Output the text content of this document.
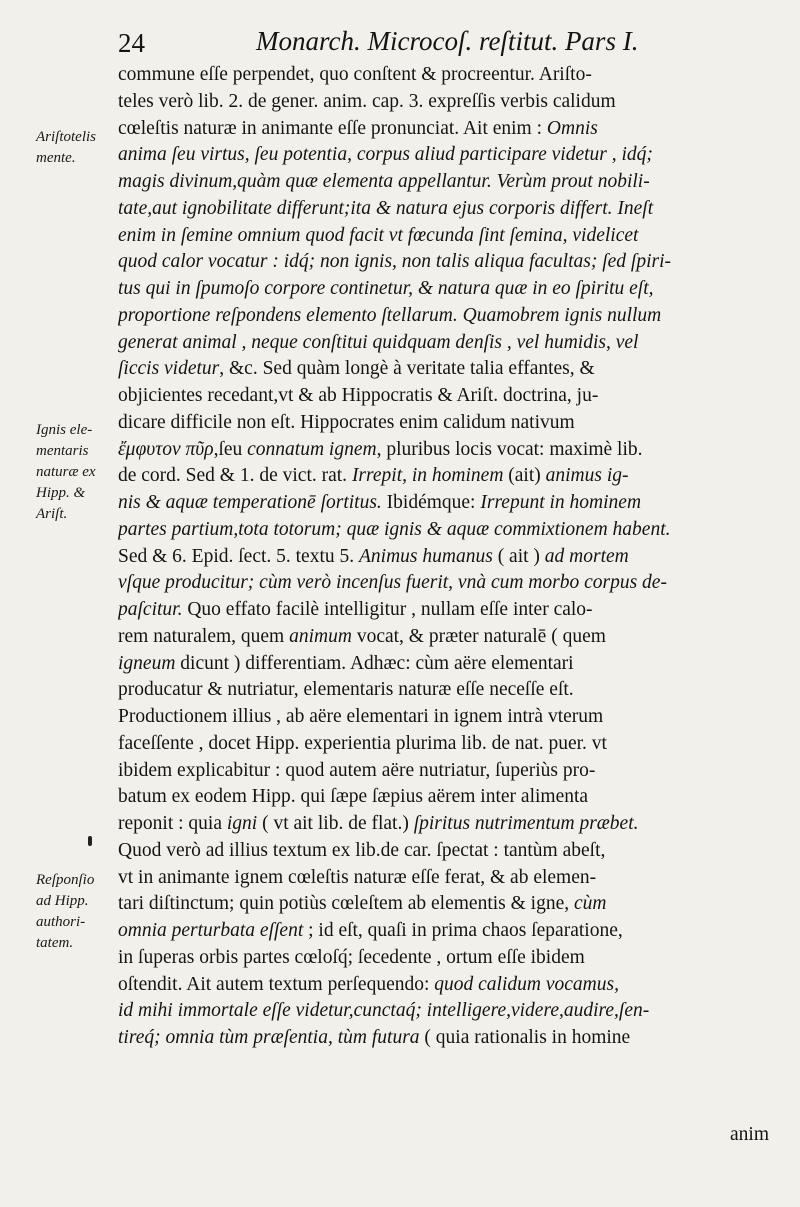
24	Monarch. Microcoſ. reſtitut. Pars I.
commune eſſe perpendet, quo conſtent & procreentur. Ariſto-
teles verò lib. 2. de gener. anim. cap. 3. expreſſis verbis calidum
cœleſtis naturæ in animante eſſe pronunciat. Ait enim : Omnis
anima ſeu virtus, ſeu potentia, corpus aliud participare videtur , idq́;
magis divinum,quàm quæ elementa appellantur. Verùm prout nobili-
tate,aut ignobilitate differunt;ita & natura ejus corporis differt. Ineſt
enim in ſemine omnium quod facit vt fœcunda ſint ſemina, videlicet
quod calor vocatur : idq́; non ignis, non talis aliqua facultas; ſed ſpiri-
tus qui in ſpumoſo corpore continetur, & natura quæ in eo ſpiritu eſt,
proportione reſpondens elemento ſtellarum. Quamobrem ignis nullum
generat animal , neque conſtitui quidquam denſis , vel humidis, vel
ſiccis videtur, &c. Sed quàm longè à veritate talia effantes, &
objicientes recedant,vt & ab Hippocratis & Ariſt. doctrina, ju-
dicare difficile non eſt. Hippocrates enim calidum nativum
ἔμφυτον πῦρ,ſeu connatum ignem, pluribus locis vocat: maximè lib.
de cord. Sed & 1. de vict. rat. Irrepit, in hominem (ait) animus ig-
nis & aquæ temperationē ſortitus. Ibidémque: Irrepunt in hominem
partes partium,tota totorum; quæ ignis & aquæ commixtionem habent.
Sed & 6. Epid. ſect. 5. textu 5. Animus humanus ( ait ) ad mortem
vſque producitur; cùm verò incenſus fuerit, vnà cum morbo corpus de-
paſcitur. Quo effato facilè intelligitur , nullam eſſe inter calo-
rem naturalem, quem animum vocat, & præter naturalē ( quem
igneum dicunt ) differentiam. Adhæc: cùm aëre elementari
producatur & nutriatur, elementaris naturæ eſſe neceſſe eſt.
Productionem illius , ab aëre elementari in ignem intrà vterum
faceſſente , docet Hipp. experientia plurima lib. de nat. puer. vt
ibidem explicabitur : quod autem aëre nutriatur, ſuperiùs pro-
batum ex eodem Hipp. qui ſæpe ſæpius aërem inter alimenta
reponit : quia igni ( vt ait lib. de flat.) ſpiritus nutrimentum præbet.
Quod verò ad illius textum ex lib.de car. ſpectat : tantùm abeſt,
vt in animante ignem cœleſtis naturæ eſſe ferat, & ab elemen-
tari diſtinctum; quin potiùs cœleſtem ab elementis & igne, cùm
omnia perturbata eſſent ; id eſt, quaſi in prima chaos ſeparatione,
in ſuperas orbis partes cœloſq́; ſecedente , ortum eſſe ibidem
oſtendit. Ait autem textum perſequendo: quod calidum vocamus,
id mihi immortale eſſe videtur,cunctaq́; intelligere,videre,audire,ſen-
tireq́; omnia tùm præſentia, tùm futura ( quia rationalis in homine
Ariſtotelis
mente.
Ignis ele-
mentaris
naturæ ex
Hipp. &
Ariſt.
Reſponſio
ad Hipp.
authori-
tatem.
anim
